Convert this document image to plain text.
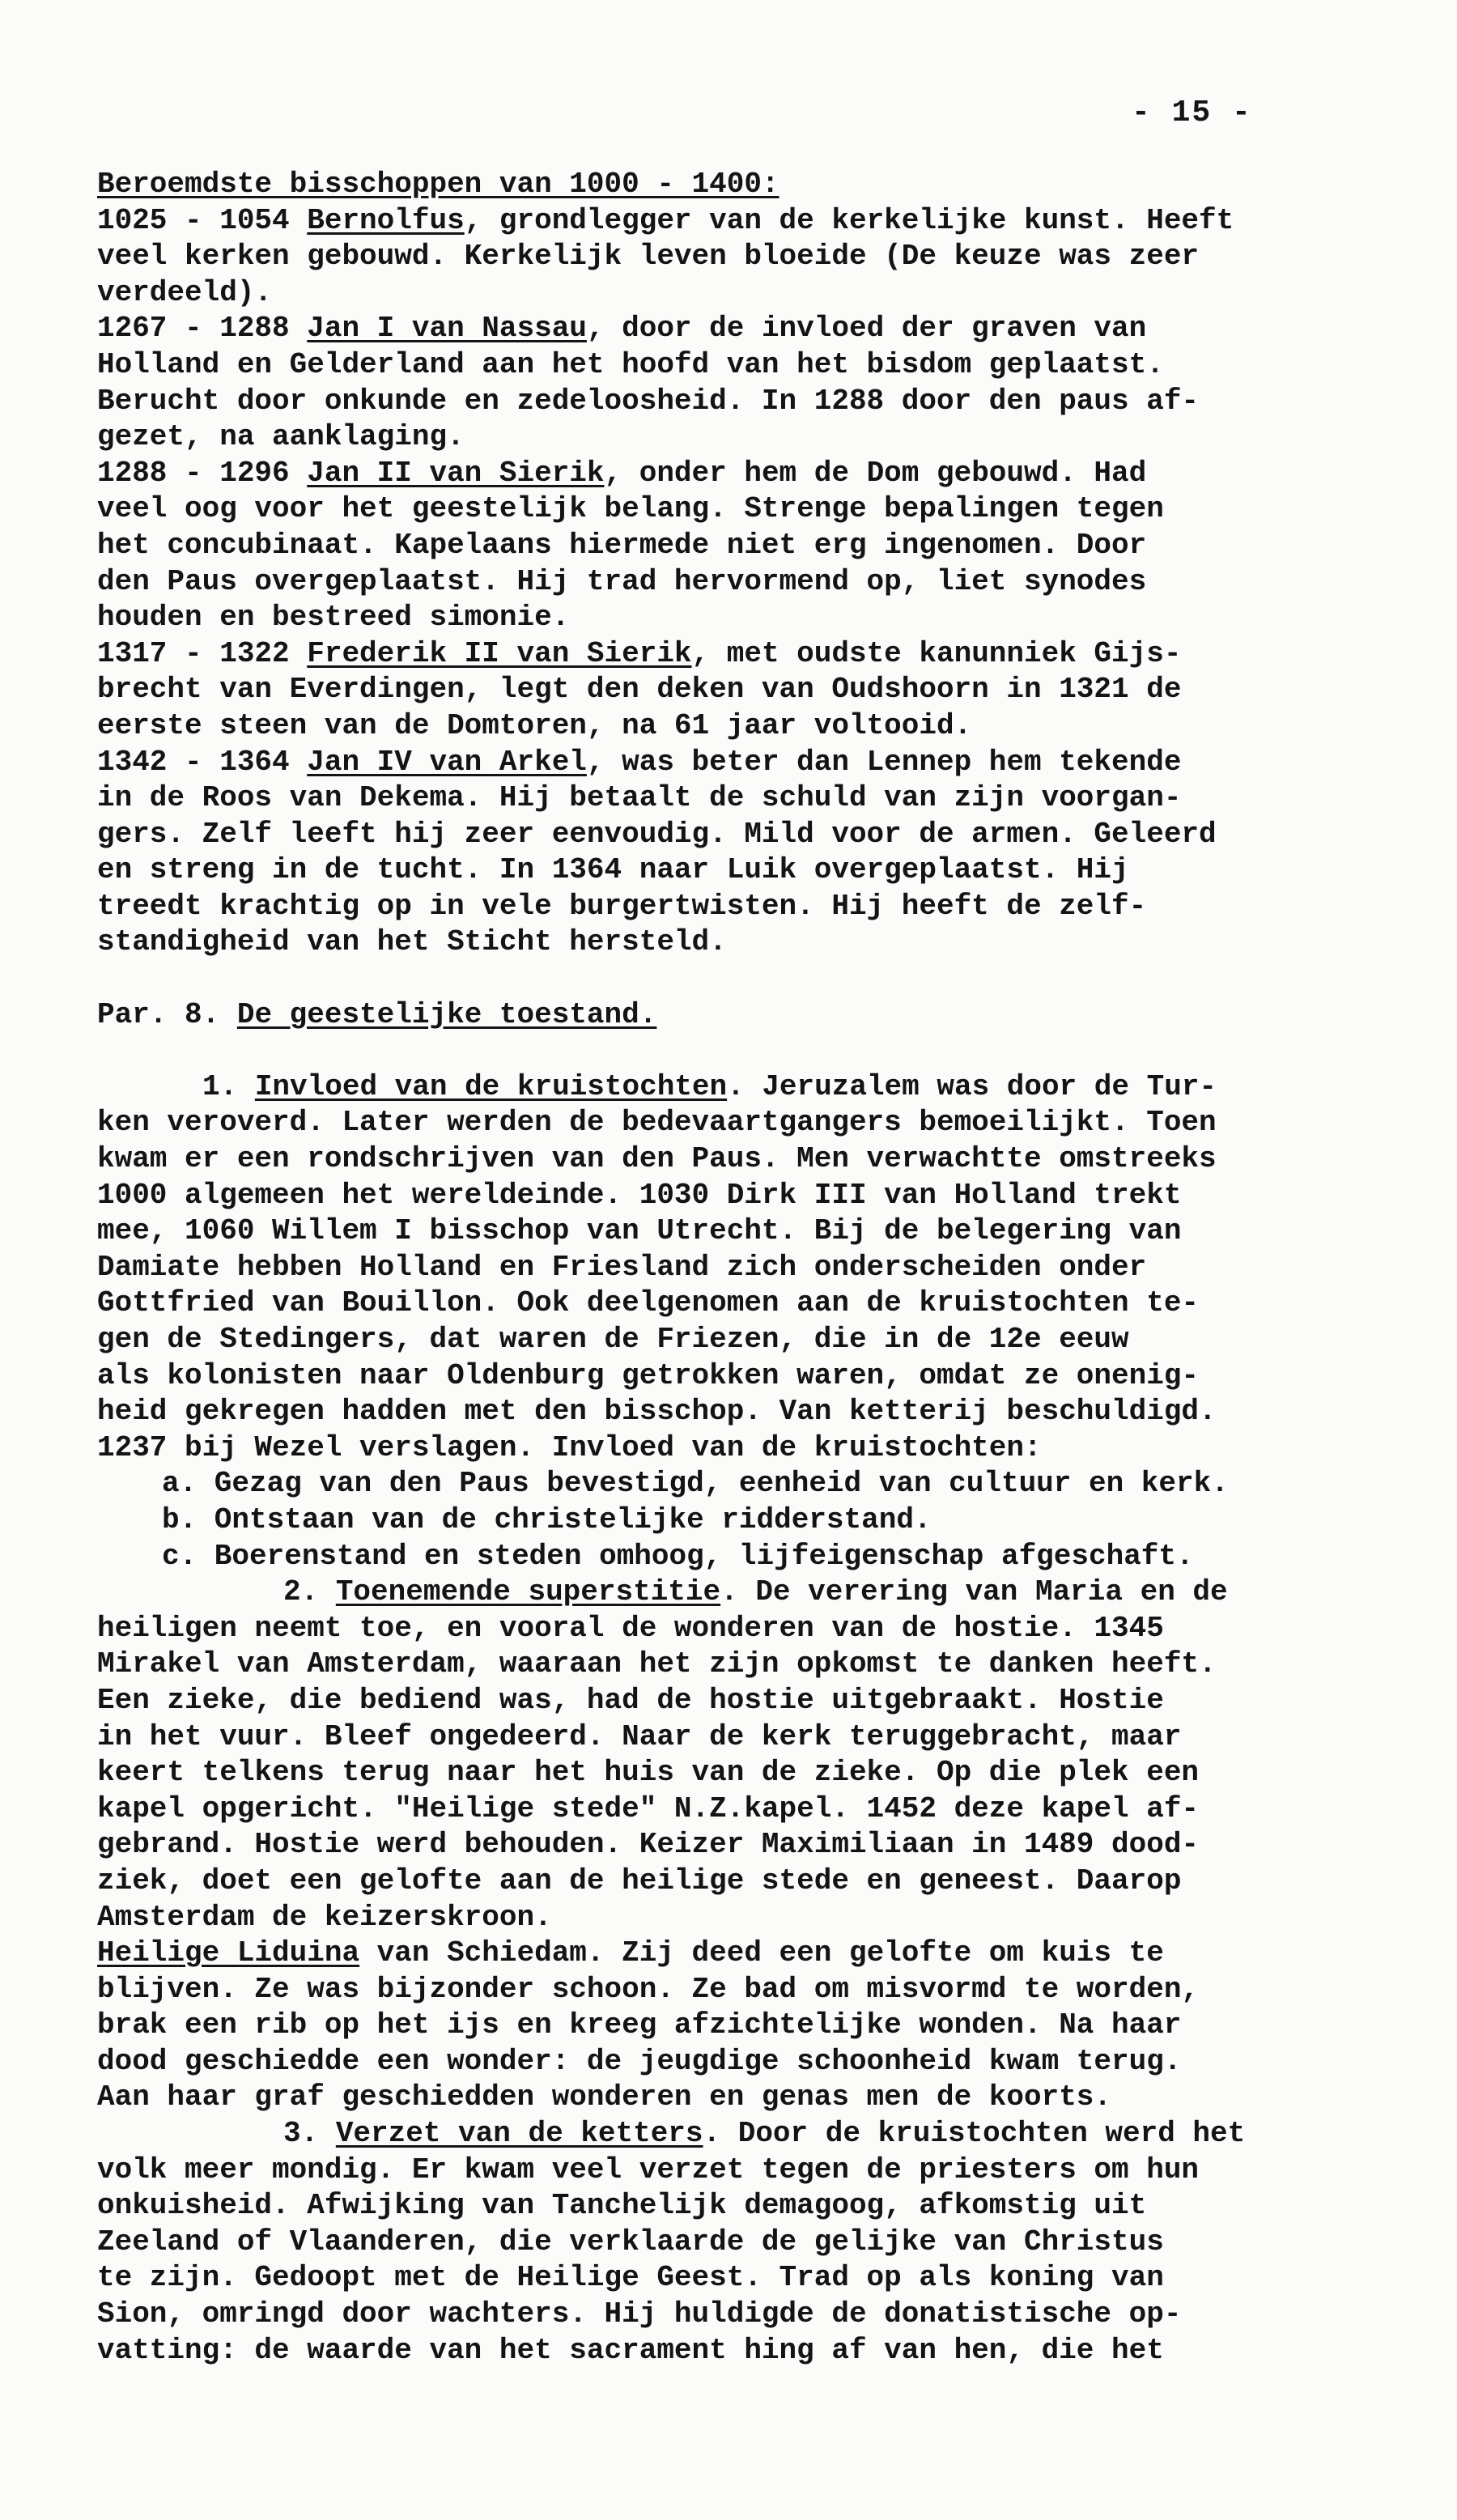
- 15 -
Beroemdste bisschoppen van 1000 - 1400:
1025 - 1054 Bernolfus, grondlegger van de kerkelijke kunst. Heeft
veel kerken gebouwd. Kerkelijk leven bloeide (De keuze was zeer
verdeeld).
1267 - 1288 Jan I van Nassau, door de invloed der graven van
Holland en Gelderland aan het hoofd van het bisdom geplaatst.
Berucht door onkunde en zedeloosheid. In 1288 door den paus af-
gezet, na aanklaging.
1288 - 1296 Jan II van Sierik, onder hem de Dom gebouwd. Had
veel oog voor het geestelijk belang. Strenge bepalingen tegen
het concubinaat. Kapelaans hiermede niet erg ingenomen. Door
den Paus overgeplaatst. Hij trad hervormend op, liet synodes
houden en bestreed simonie.
1317 - 1322 Frederik II van Sierik, met oudste kanunniek Gijs-
brecht van Everdingen, legt den deken van Oudshoorn in 1321 de
eerste steen van de Domtoren, na 61 jaar voltooid.
1342 - 1364 Jan IV van Arkel, was beter dan Lennep hem tekende
in de Roos van Dekema. Hij betaalt de schuld van zijn voorgan-
gers. Zelf leeft hij zeer eenvoudig. Mild voor de armen. Geleerd
en streng in de tucht. In 1364 naar Luik overgeplaatst. Hij
treedt krachtig op in vele burgertwisten. Hij heeft de zelf-
standigheid van het Sticht hersteld.
Par. 8. De geestelijke toestand.
1. Invloed van de kruistochten. Jeruzalem was door de Tur-
ken veroverd. Later werden de bedevaartgangers bemoeilijkt. Toen
kwam er een rondschrijven van den Paus. Men verwachtte omstreeks
1000 algemeen het wereldeinde. 1030 Dirk III van Holland trekt
mee, 1060 Willem I bisschop van Utrecht. Bij de belegering van
Damiate hebben Holland en Friesland zich onderscheiden onder
Gottfried van Bouillon. Ook deelgenomen aan de kruistochten te-
gen de Stedingers, dat waren de Friezen, die in de 12e eeuw
als kolonisten naar Oldenburg getrokken waren, omdat ze onenig-
heid gekregen hadden met den bisschop. Van ketterij beschuldigd.
1237 bij Wezel verslagen. Invloed van de kruistochten:
a. Gezag van den Paus bevestigd, eenheid van cultuur en kerk.
b. Ontstaan van de christelijke ridderstand.
c. Boerenstand en steden omhoog, lijfeigenschap afgeschaft.
2. Toenemende superstitie. De verering van Maria en de
heiligen neemt toe, en vooral de wonderen van de hostie. 1345
Mirakel van Amsterdam, waaraan het zijn opkomst te danken heeft.
Een zieke, die bediend was, had de hostie uitgebraakt. Hostie
in het vuur. Bleef ongedeerd. Naar de kerk teruggebracht, maar
keert telkens terug naar het huis van de zieke. Op die plek een
kapel opgericht. "Heilige stede" N.Z.kapel. 1452 deze kapel af-
gebrand. Hostie werd behouden. Keizer Maximiliaan in 1489 dood-
ziek, doet een gelofte aan de heilige stede en geneest. Daarop
Amsterdam de keizerskroon.
Heilige Liduina van Schiedam. Zij deed een gelofte om kuis te
blijven. Ze was bijzonder schoon. Ze bad om misvormd te worden,
brak een rib op het ijs en kreeg afzichtelijke wonden. Na haar
dood geschiedde een wonder: de jeugdige schoonheid kwam terug.
Aan haar graf geschiedden wonderen en genas men de koorts.
3. Verzet van de ketters. Door de kruistochten werd het
volk meer mondig. Er kwam veel verzet tegen de priesters om hun
onkuisheid. Afwijking van Tanchelijk demagoog, afkomstig uit
Zeeland of Vlaanderen, die verklaarde de gelijke van Christus
te zijn. Gedoopt met de Heilige Geest. Trad op als koning van
Sion, omringd door wachters. Hij huldigde de donatistische op-
vatting: de waarde van het sacrament hing af van hen, die het
